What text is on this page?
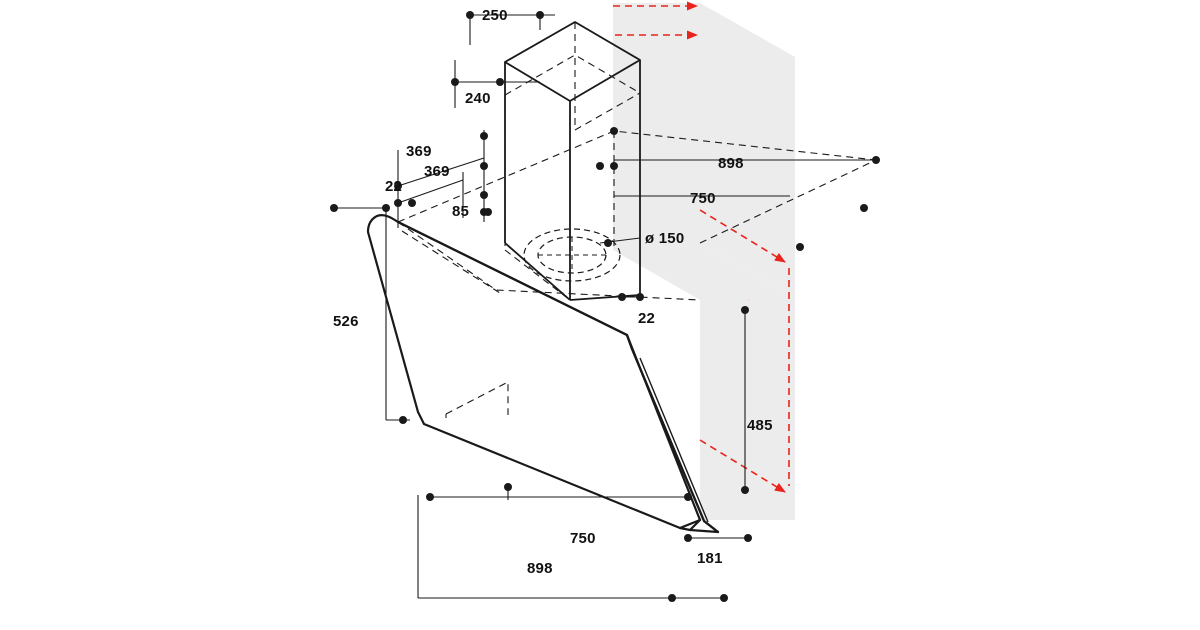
250
240
369
369
22
85
898
750
ø 150
22
526
485
750
181
898
